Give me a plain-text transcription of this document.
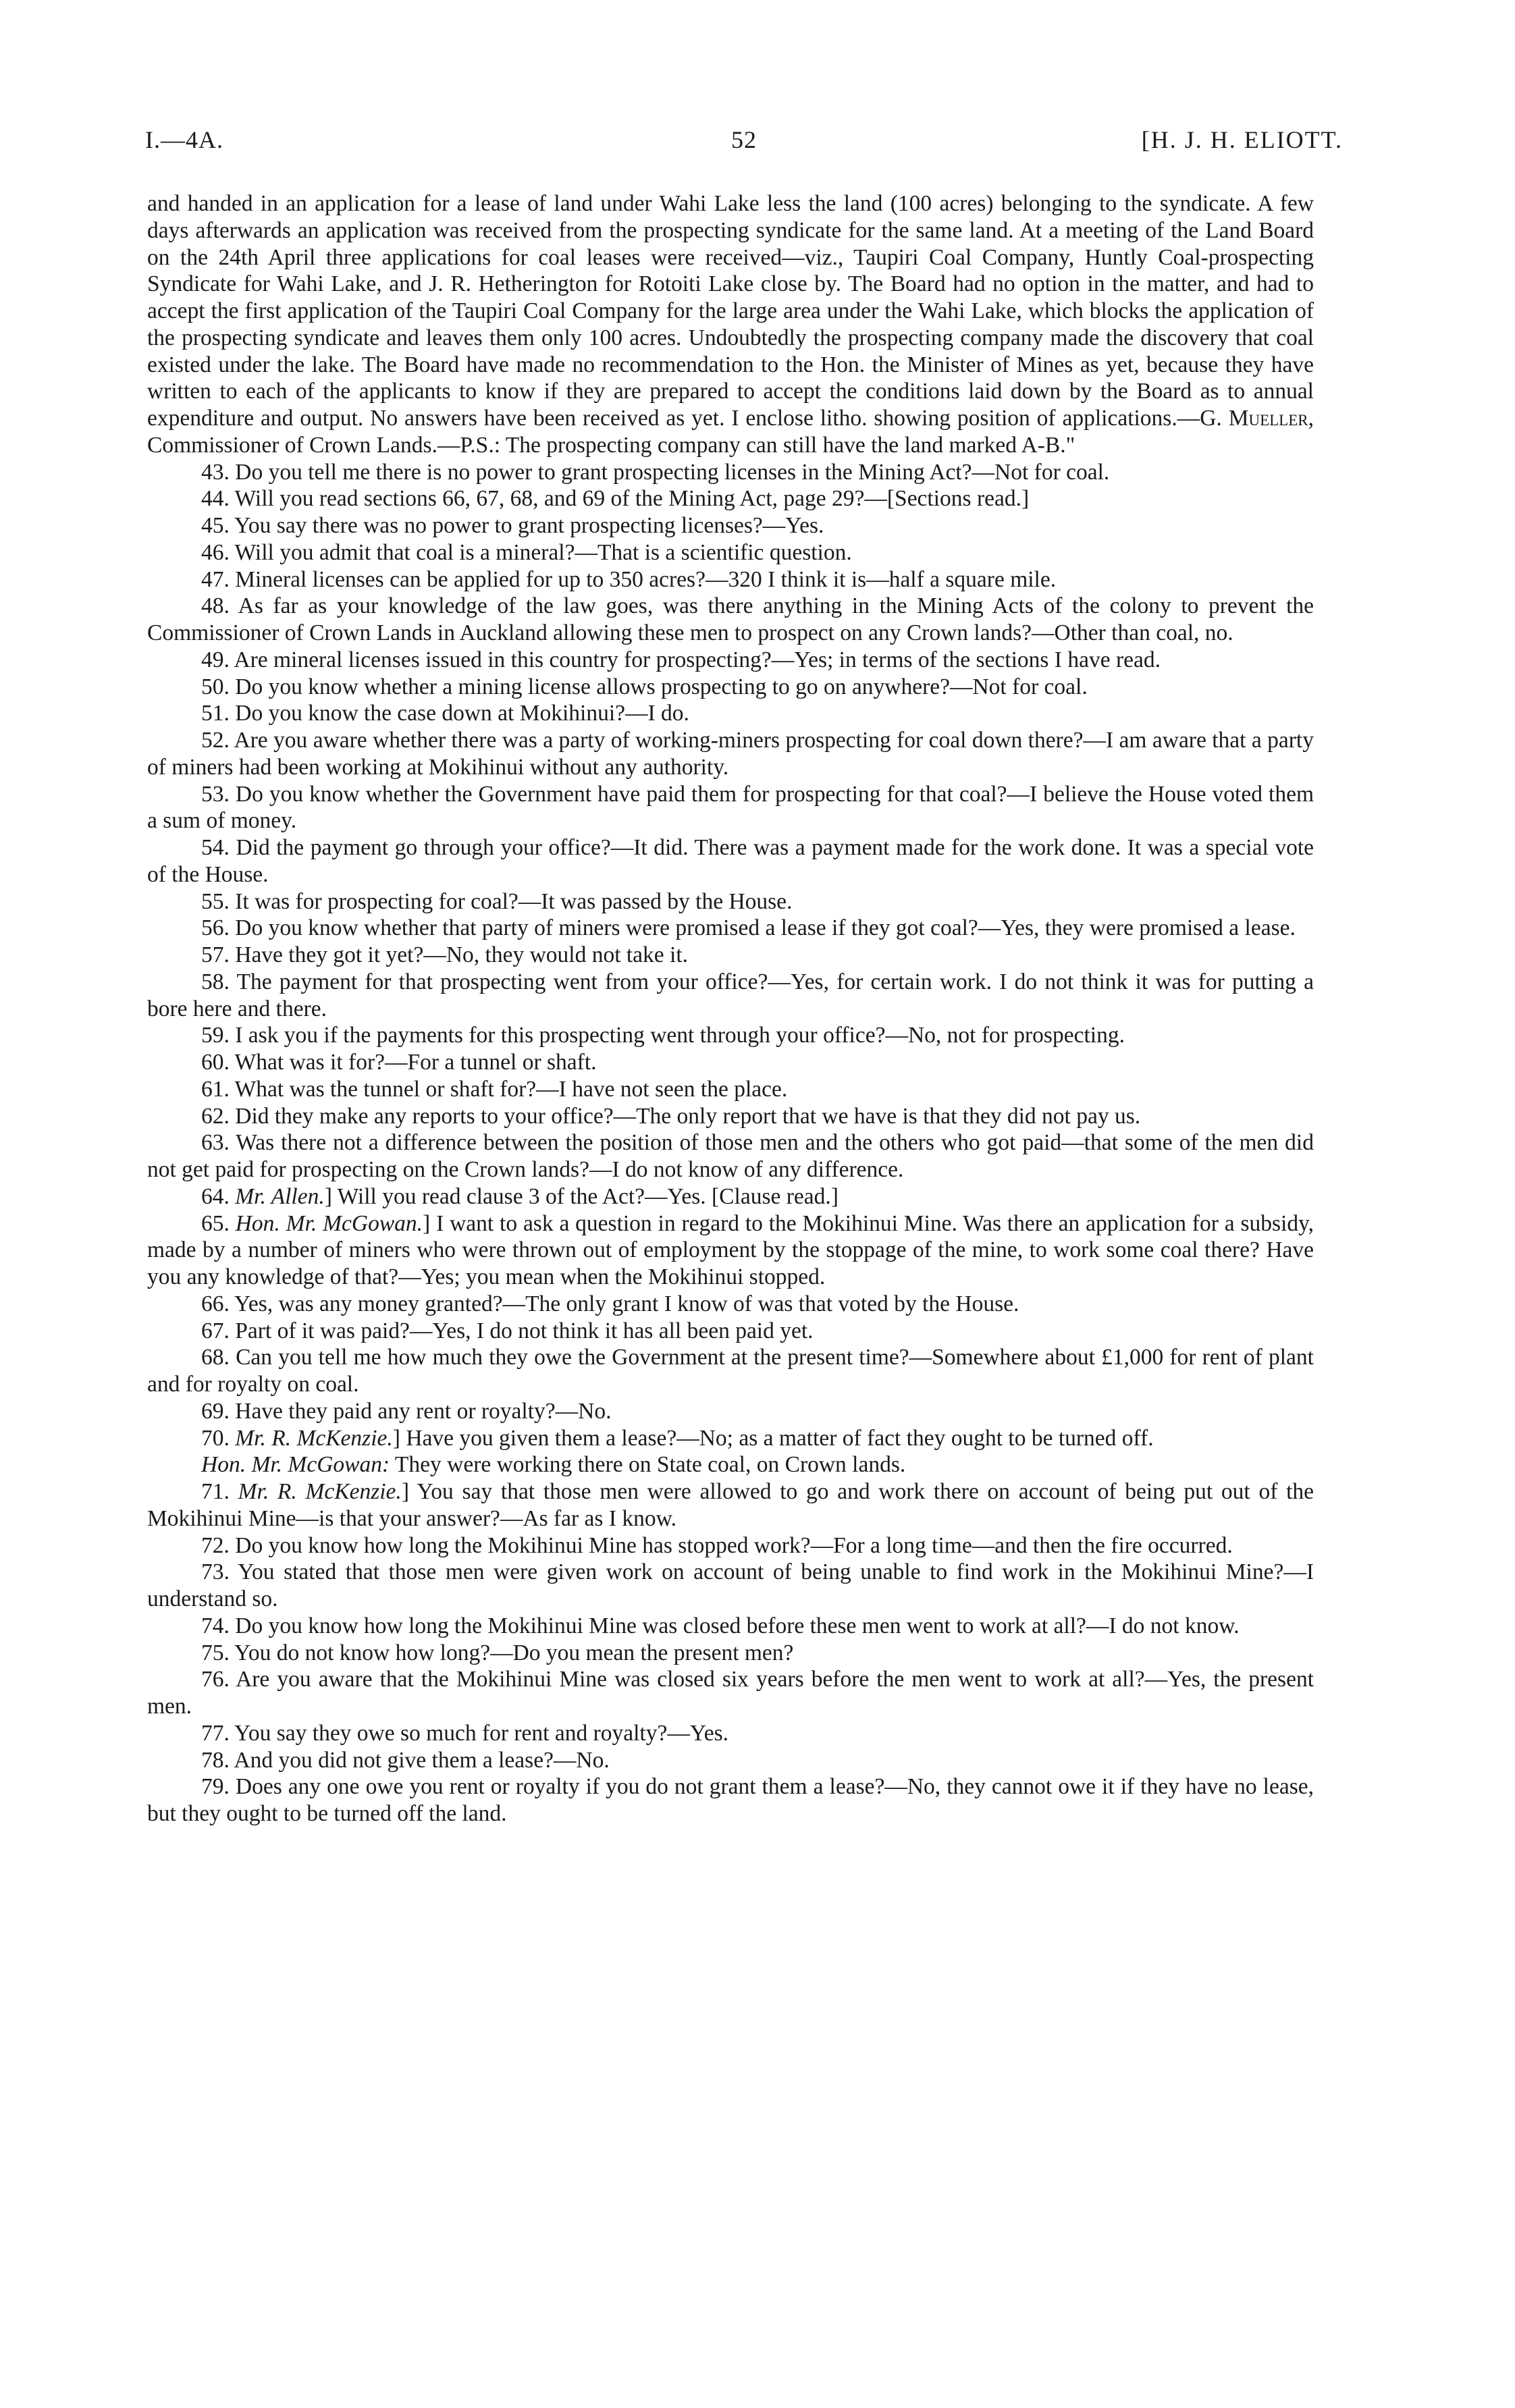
I.—4A.	52	[H. J. H. ELIOTT.

and handed in an application for a lease of land under Wahi Lake less the land (100 acres) belonging to the syndicate. A few days afterwards an application was received from the prospecting syndicate for the same land. At a meeting of the Land Board on the 24th April three applications for coal leases were received—viz., Taupiri Coal Company, Huntly Coal-prospecting Syndicate for Wahi Lake, and J. R. Hetherington for Rotoiti Lake close by. The Board had no option in the matter, and had to accept the first application of the Taupiri Coal Company for the large area under the Wahi Lake, which blocks the application of the prospecting syndicate and leaves them only 100 acres. Undoubtedly the prospecting company made the discovery that coal existed under the lake. The Board have made no recommendation to the Hon. the Minister of Mines as yet, because they have written to each of the applicants to know if they are prepared to accept the conditions laid down by the Board as to annual expenditure and output. No answers have been received as yet. I enclose litho. showing position of applications.—G. Mueller, Commissioner of Crown Lands.—P.S.: The prospecting company can still have the land marked A-B."

43. Do you tell me there is no power to grant prospecting licenses in the Mining Act?—Not for coal.

44. Will you read sections 66, 67, 68, and 69 of the Mining Act, page 29?—[Sections read.]

45. You say there was no power to grant prospecting licenses?—Yes.

46. Will you admit that coal is a mineral?—That is a scientific question.

47. Mineral licenses can be applied for up to 350 acres?—320 I think it is—half a square mile.

48. As far as your knowledge of the law goes, was there anything in the Mining Acts of the colony to prevent the Commissioner of Crown Lands in Auckland allowing these men to prospect on any Crown lands?—Other than coal, no.

49. Are mineral licenses issued in this country for prospecting?—Yes; in terms of the sections I have read.

50. Do you know whether a mining license allows prospecting to go on anywhere?—Not for coal.

51. Do you know the case down at Mokihinui?—I do.

52. Are you aware whether there was a party of working-miners prospecting for coal down there?—I am aware that a party of miners had been working at Mokihinui without any authority.

53. Do you know whether the Government have paid them for prospecting for that coal?—I believe the House voted them a sum of money.

54. Did the payment go through your office?—It did. There was a payment made for the work done. It was a special vote of the House.

55. It was for prospecting for coal?—It was passed by the House.

56. Do you know whether that party of miners were promised a lease if they got coal?—Yes, they were promised a lease.

57. Have they got it yet?—No, they would not take it.

58. The payment for that prospecting went from your office?—Yes, for certain work. I do not think it was for putting a bore here and there.

59. I ask you if the payments for this prospecting went through your office?—No, not for prospecting.

60. What was it for?—For a tunnel or shaft.

61. What was the tunnel or shaft for?—I have not seen the place.

62. Did they make any reports to your office?—The only report that we have is that they did not pay us.

63. Was there not a difference between the position of those men and the others who got paid—that some of the men did not get paid for prospecting on the Crown lands?—I do not know of any difference.

64. Mr. Allen.] Will you read clause 3 of the Act?—Yes. [Clause read.]

65. Hon. Mr. McGowan.] I want to ask a question in regard to the Mokihinui Mine. Was there an application for a subsidy, made by a number of miners who were thrown out of employment by the stoppage of the mine, to work some coal there? Have you any knowledge of that?—Yes; you mean when the Mokihinui stopped.

66. Yes, was any money granted?—The only grant I know of was that voted by the House.

67. Part of it was paid?—Yes, I do not think it has all been paid yet.

68. Can you tell me how much they owe the Government at the present time?—Somewhere about £1,000 for rent of plant and for royalty on coal.

69. Have they paid any rent or royalty?—No.

70. Mr. R. McKenzie.] Have you given them a lease?—No; as a matter of fact they ought to be turned off.

Hon. Mr. McGowan: They were working there on State coal, on Crown lands.

71. Mr. R. McKenzie.] You say that those men were allowed to go and work there on account of being put out of the Mokihinui Mine—is that your answer?—As far as I know.

72. Do you know how long the Mokihinui Mine has stopped work?—For a long time—and then the fire occurred.

73. You stated that those men were given work on account of being unable to find work in the Mokihinui Mine?—I understand so.

74. Do you know how long the Mokihinui Mine was closed before these men went to work at all?—I do not know.

75. You do not know how long?—Do you mean the present men?

76. Are you aware that the Mokihinui Mine was closed six years before the men went to work at all?—Yes, the present men.

77. You say they owe so much for rent and royalty?—Yes.

78. And you did not give them a lease?—No.

79. Does any one owe you rent or royalty if you do not grant them a lease?—No, they cannot owe it if they have no lease, but they ought to be turned off the land.
